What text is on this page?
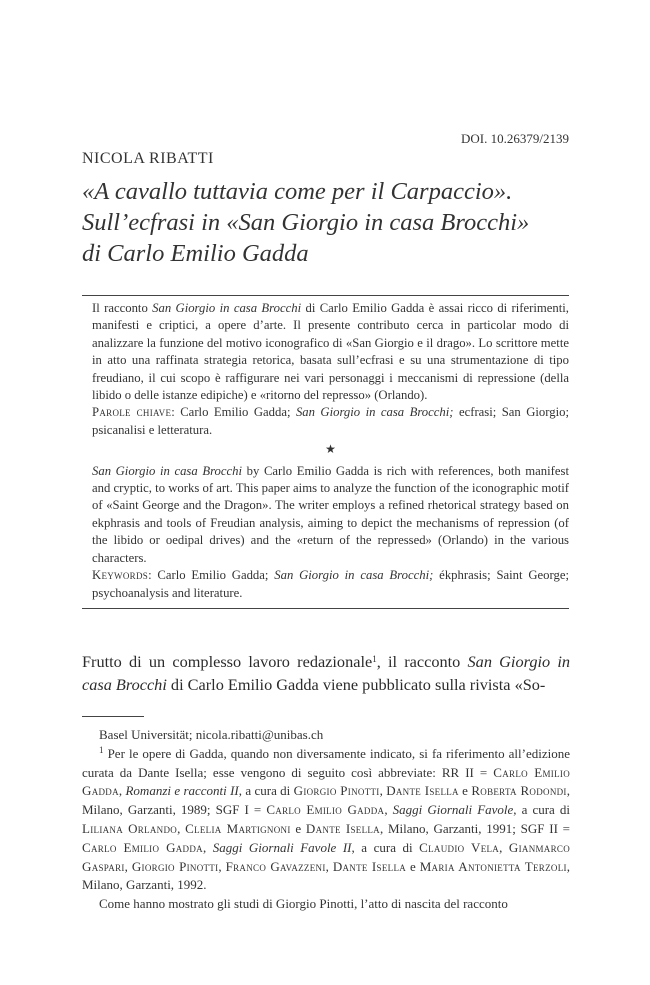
DOI. 10.26379/2139
NICOLA RIBATTI
«A cavallo tuttavia come per il Carpaccio».
Sull’ecfrasi in «San Giorgio in casa Brocchi»
di Carlo Emilio Gadda

Il racconto San Giorgio in casa Brocchi di Carlo Emilio Gadda è assai ricco di riferimenti, manifesti e criptici, a opere d’arte. Il presente contributo cerca in particolar modo di analizzare la funzione del motivo iconografico di «San Giorgio e il drago». Lo scrittore mette in atto una raffinata strategia retorica, basata sull’ecfrasi e su una strumentazione di tipo freudiano, il cui scopo è raffigurare nei vari personaggi i meccanismi di repressione (della libido o delle istanze edipiche) e «ritorno del represso» (Orlando).

Parole chiave: Carlo Emilio Gadda; San Giorgio in casa Brocchi; ecfrasi; San Giorgio; psicanalisi e letteratura.

★

San Giorgio in casa Brocchi by Carlo Emilio Gadda is rich with references, both manifest and cryptic, to works of art. This paper aims to analyze the function of the iconographic motif of «Saint George and the Dragon». The writer employs a refined rhetorical strategy based on ekphrasis and tools of Freudian analysis, aiming to depict the mechanisms of repression (of the libido or oedipal drives) and the «return of the repressed» (Orlando) in the various characters.

Keywords: Carlo Emilio Gadda; San Giorgio in casa Brocchi; ékphrasis; Saint George; psychoanalysis and literature.

Frutto di un complesso lavoro redazionale$^1$, il racconto San Giorgio in casa Brocchi di Carlo Emilio Gadda viene pubblicato sulla rivista «So-

Basel Universität; nicola.ribatti@unibas.ch

$^1$ Per le opere di Gadda, quando non diversamente indicato, si fa riferimento all’edizione curata da Dante Isella; esse vengono di seguito così abbreviate: RR II = Carlo Emilio Gadda, Romanzi e racconti II, a cura di Giorgio Pinotti, Dante Isella e Roberta Rodondi, Milano, Garzanti, 1989; SGF I = Carlo Emilio Gadda, Saggi Giornali Favole, a cura di Liliana Orlando, Clelia Martignoni e Dante Isella, Milano, Garzanti, 1991; SGF II = Carlo Emilio Gadda, Saggi Giornali Favole II, a cura di Claudio Vela, Gianmarco Gaspari, Giorgio Pinotti, Franco Gavazzeni, Dante Isella e Maria Antonietta Terzoli, Milano, Garzanti, 1992.

Come hanno mostrato gli studi di Giorgio Pinotti, l’atto di nascita del racconto
